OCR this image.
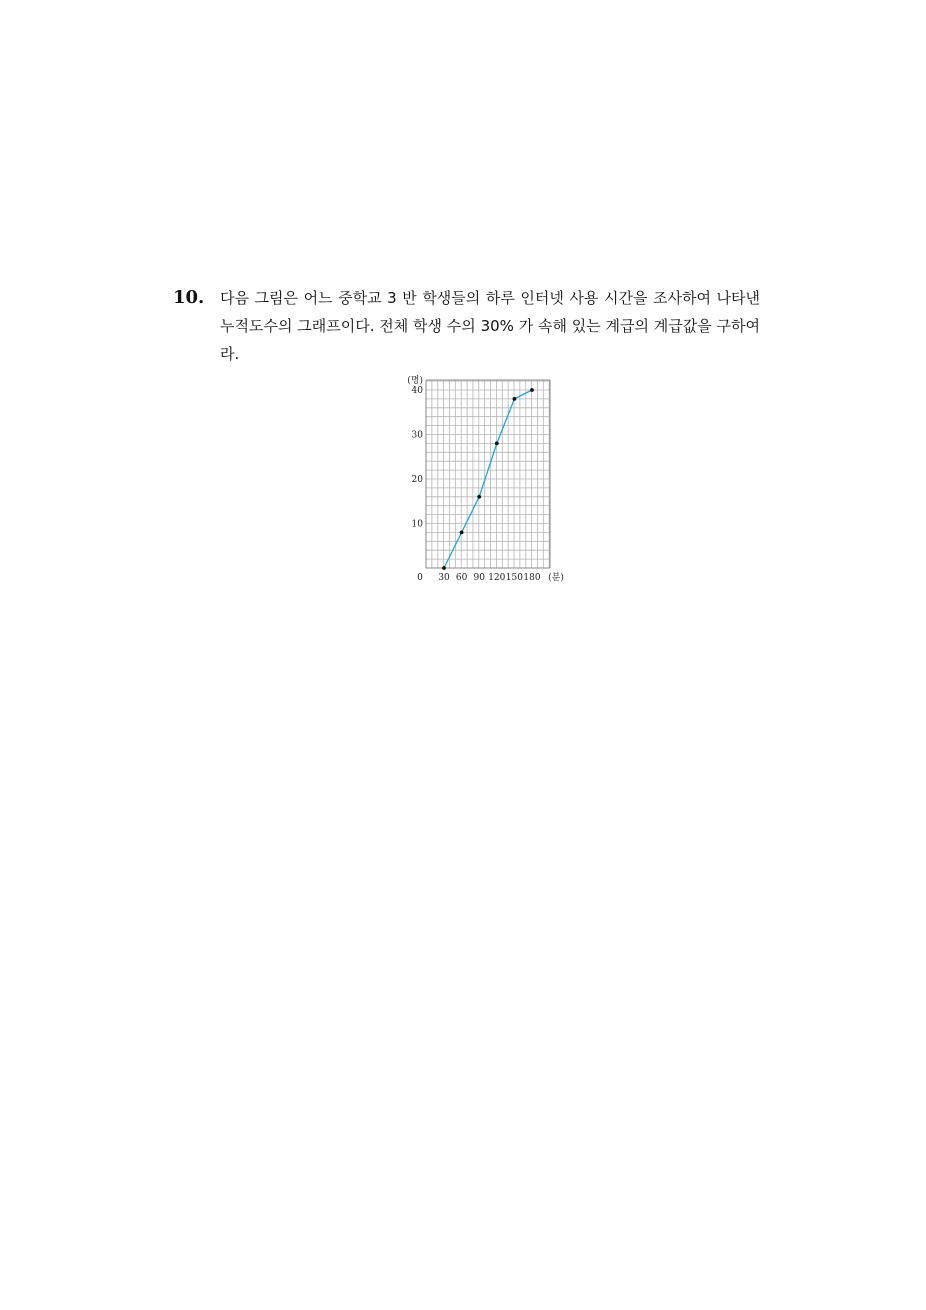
10. 다음 그림은 어느 중학교 3 반 학생들의 하루 인터넷 사용 시간을 조사하여 나타낸 누적도수의 그래프이다. 전체 학생 수의 30% 가 속해 있는 계급의 계급값을 구하여라.
30 60 90 120 150 180
10
20
30
40
0
(명)
(분)
